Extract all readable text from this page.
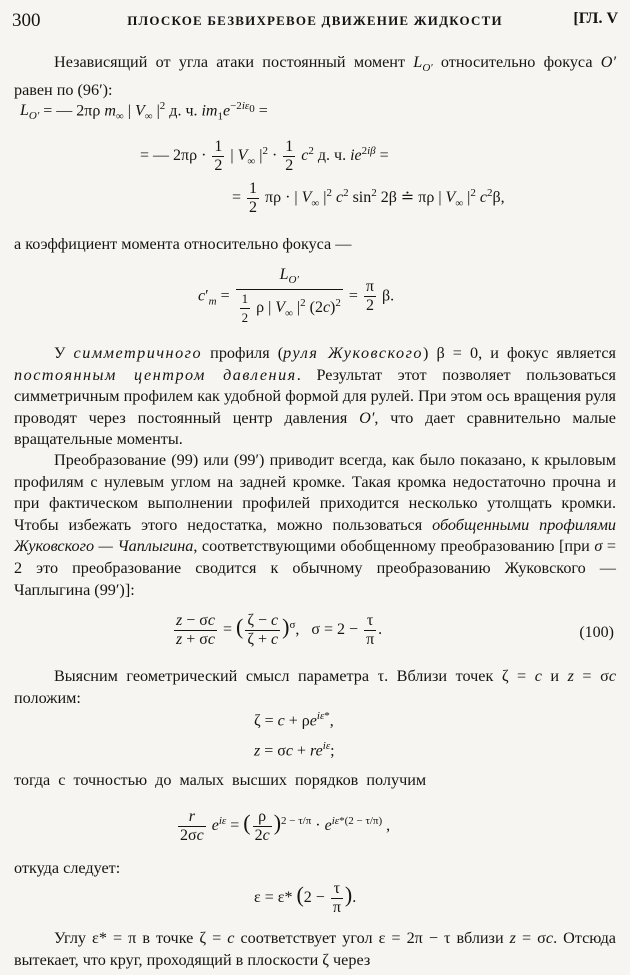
300	ПЛОСКОЕ БЕЗВИХРЕВОЕ ДВИЖЕНИЕ ЖИДКОСТИ	[ГЛ. V
Независящий от угла атаки постоянный момент $L_{O'}$ относительно фокуса O′ равен по (96′):
$L_{O'}$ = — 2πρ $m_\infty$ | $V_\infty$ $|^2$ д. ч. $im_1e^{-2i\varepsilon_0}$ =
= — $2\pi\rho \cdot \frac{1}{2}$ | $V_\infty$ $|^2 \cdot \frac{1}{2} c^2$ д. ч. $ie^{2i\beta}$ =
= $\frac{1}{2}$ πρ · | $V_\infty$ $|^2$ $c^2$ $\sin^2 2\beta$ ≐ πρ | $V_\infty$ $|^2$ $c^2\beta$,
а коэффициент момента относительно фокуса —
$c'_m = \frac{L_{O'}}{\frac{1}{2} \rho | V_\infty |^2 (2c)^2} = \frac{\pi}{2} \beta$.
У симметричного профиля (руля Жуковского) β = 0, и фокус является постоянным центром давления. Результат этот позволяет пользоваться симметричным профилем как удобной формой для рулей. При этом ось вращения руля проводят через постоянный центр давления O′, что дает сравнительно малые вращательные моменты.
Преобразование (99) или (99′) приводит всегда, как было показано, к крыловым профилям с нулевым углом на задней кромке. Такая кромка недостаточно прочна и при фактическом выполнении профилей приходится несколько утолщать кромки. Чтобы избежать этого недостатка, можно пользоваться обобщенными профилями Жуковского — Чаплыгина, соответствующими обобщенному преобразованию [при σ = 2 это преобразование сводится к обычному преобразованию Жуковского — Чаплыгина (99′)]:
$\frac{z - \sigma c}{z + \sigma c}$ = ( $\frac{\zeta - c}{\zeta + c} )^\sigma$,   $\sigma = 2 - \frac{\tau}{\pi}$ .	(100)
Выясним геометрический смысл параметра τ. Вблизи точек ζ = c и z = σc положим:
$\zeta = c + \rho e^{i\varepsilon*}$,
$z = \sigma c + re^{i\varepsilon}$;
тогда с точностью до малых высших порядков получим
$\frac{r}{2\sigma c} e^{i\varepsilon}$ = ( $\frac{\rho}{2c} )^{2 - \tau/\pi} \cdot e^{i\varepsilon*(2 - \tau/\pi)}$ ,
откуда следует:
ε = ε* ($2 - \frac{\tau}{\pi}$ ).
Углу ε* = π в точке ζ = c соответствует угол ε = 2π − τ вблизи z = σc. Отсюда вытекает, что круг, проходящий в плоскости ζ через
